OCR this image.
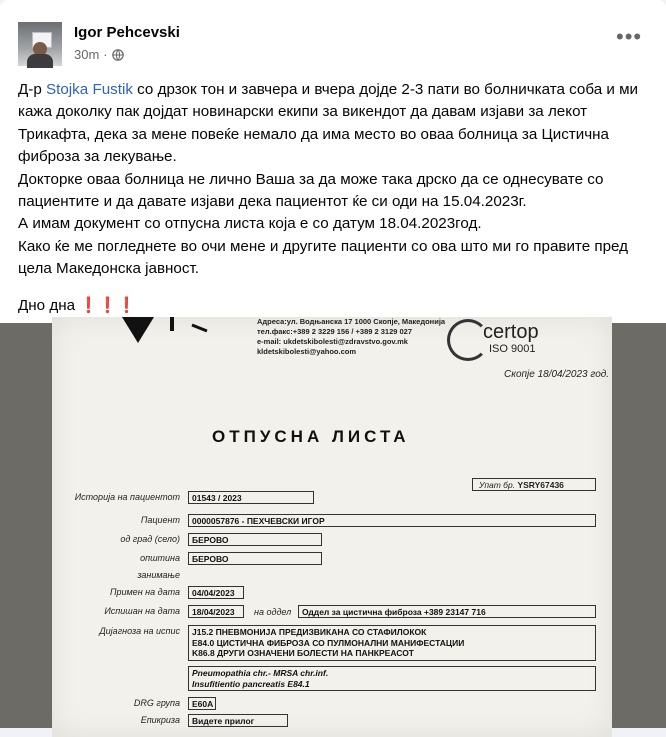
Igor Pehcevski
30m ·
•••

Д-р Stojka Fustik со дрзок тон и завчера и вчера дојде 2-3 пати во болничката соба и ми кажа доколку пак дојдат новинарски екипи за викендот да давам изјави за лекот Трикафта, дека за мене повеќе немало да има место во оваа болница за Цистична фиброза за лекување.

Докторке оваа болница не лично Ваша за да може така дрско да се однесувате со пациентите и да давате изјави дека пациентот ќе си оди на 15.04.2023г.

А имам документ со отпусна листа која е со датум 18.04.2023год.

Како ќе ме погледнете во очи мене и другите пациенти со ова што ми го правите пред цела Македонска јавност.

Дно дна ❗❗❗

Адреса:ул. Водњанска 17 1000 Скопје, Македонија
тел.факс:+389 2 3229 156 / +389 2 3129 027
e-mail: ukdetskibolesti@zdravstvo.gov.mk
kldetskibolesti@yahoo.com
certop
ISO 9001
Скопје 18/04/2023 год.
ОТПУСНА ЛИСТА
Упат бр. YSRY67436
Историја на пациентот	01543 / 2023
Пациент	0000057876 - ПЕХЧЕВСКИ ИГОР
од град (село)	БЕРОВО
општина	БЕРОВО
занимање
Примен на дата	04/04/2023
Испишан на дата	18/04/2023	на оддел	Оддел за цистична фиброза +389 23147 716
Дијагноза на испис J15.2 ПНЕВМОНИЈА ПРЕДИЗВИКАНА СО СТАФИЛОКОК
E84.0 ЦИСТИЧНА ФИБРОЗА СО ПУЛМОНАЛНИ МАНИФЕСТАЦИИ
K86.8 ДРУГИ ОЗНАЧЕНИ БОЛЕСТИ НА ПАНКРЕАСОТ
Pneumopathia chr.- MRSA chr.inf.
Insufitientio pancreatis E84.1
DRG група	E60A
Епикриза	Видете прилог
